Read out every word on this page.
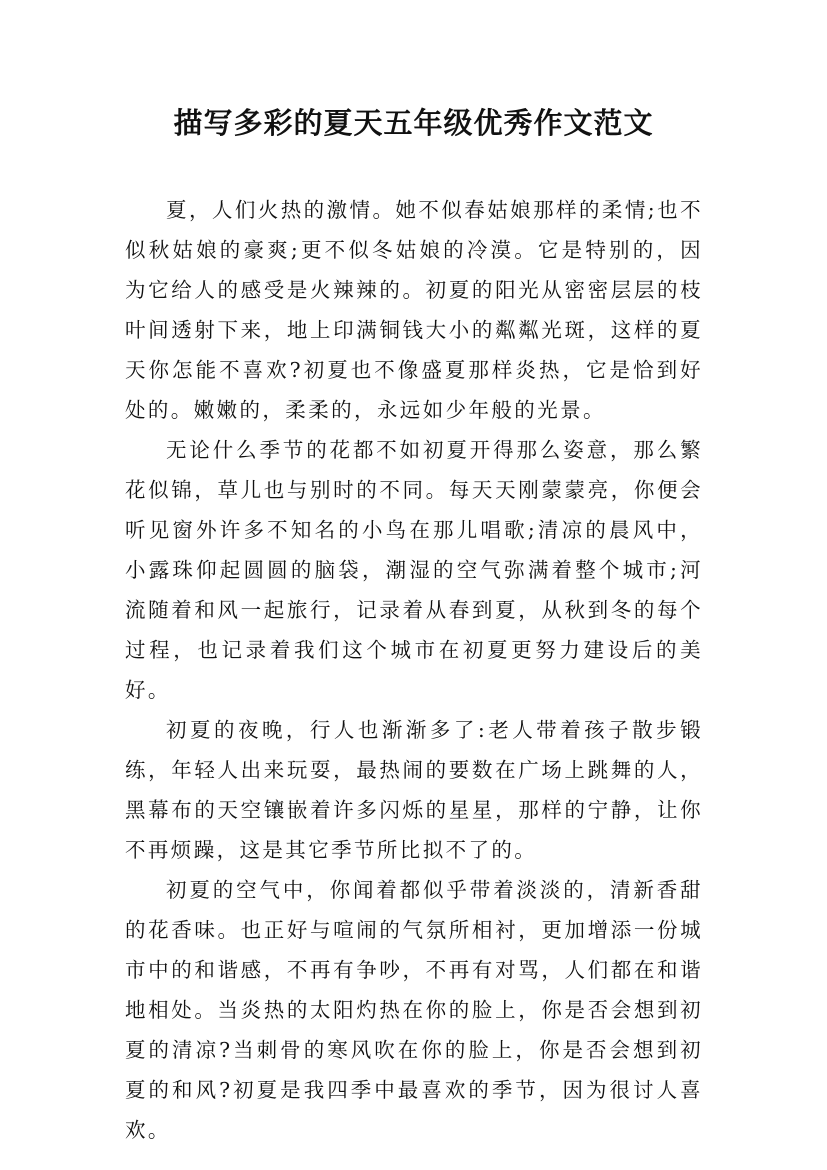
描写多彩的夏天五年级优秀作文范文

夏，人们火热的激情。她不似春姑娘那样的柔情;也不似秋姑娘的豪爽;更不似冬姑娘的冷漠。它是特别的，因为它给人的感受是火辣辣的。初夏的阳光从密密层层的枝叶间透射下来，地上印满铜钱大小的粼粼光斑，这样的夏天你怎能不喜欢?初夏也不像盛夏那样炎热，它是恰到好处的。嫩嫩的，柔柔的，永远如少年般的光景。

无论什么季节的花都不如初夏开得那么姿意，那么繁花似锦，草儿也与别时的不同。每天天刚蒙蒙亮，你便会听见窗外许多不知名的小鸟在那儿唱歌;清凉的晨风中，小露珠仰起圆圆的脑袋，潮湿的空气弥满着整个城市;河流随着和风一起旅行，记录着从春到夏，从秋到冬的每个过程，也记录着我们这个城市在初夏更努力建设后的美好。

初夏的夜晚，行人也渐渐多了:老人带着孩子散步锻练，年轻人出来玩耍，最热闹的要数在广场上跳舞的人，黑幕布的天空镶嵌着许多闪烁的星星，那样的宁静，让你不再烦躁，这是其它季节所比拟不了的。

初夏的空气中，你闻着都似乎带着淡淡的，清新香甜的花香味。也正好与喧闹的气氛所相衬，更加增添一份城市中的和谐感，不再有争吵，不再有对骂，人们都在和谐地相处。当炎热的太阳灼热在你的脸上，你是否会想到初夏的清凉?当刺骨的寒风吹在你的脸上，你是否会想到初夏的和风?初夏是我四季中最喜欢的季节，因为很讨人喜欢。
